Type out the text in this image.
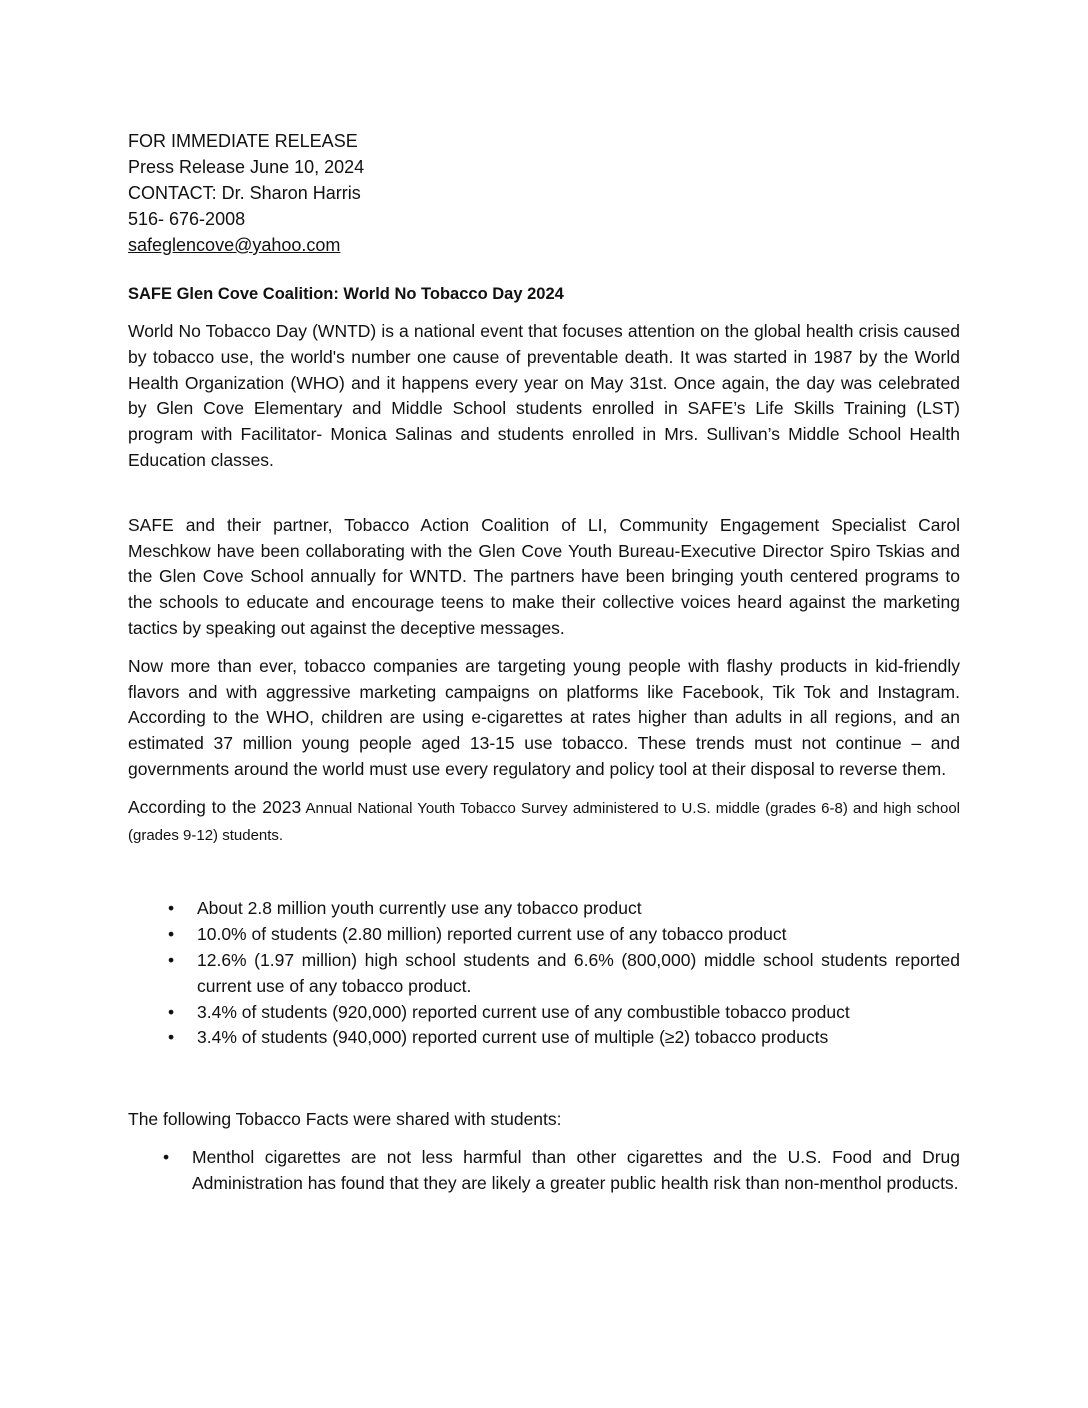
FOR IMMEDIATE RELEASE
Press Release June 10, 2024
CONTACT: Dr. Sharon Harris
516- 676-2008
safeglencove@yahoo.com
SAFE Glen Cove Coalition: World No Tobacco Day 2024

World No Tobacco Day (WNTD) is a national event that focuses attention on the global health crisis caused by tobacco use, the world's number one cause of preventable death. It was started in 1987 by the World Health Organization (WHO) and it happens every year on May 31st. Once again, the day was celebrated by Glen Cove Elementary and Middle School students enrolled in SAFE’s Life Skills Training (LST) program with Facilitator- Monica Salinas and students enrolled in Mrs. Sullivan’s Middle School Health Education classes.

SAFE and their partner, Tobacco Action Coalition of LI, Community Engagement Specialist Carol Meschkow have been collaborating with the Glen Cove Youth Bureau-Executive Director Spiro Tskias and the Glen Cove School annually for WNTD. The partners have been bringing youth centered programs to the schools to educate and encourage teens to make their collective voices heard against the marketing tactics by speaking out against the deceptive messages.

Now more than ever, tobacco companies are targeting young people with flashy products in kid-friendly flavors and with aggressive marketing campaigns on platforms like Facebook, Tik Tok and Instagram. According to the WHO, children are using e-cigarettes at rates higher than adults in all regions, and an estimated 37 million young people aged 13-15 use tobacco. These trends must not continue – and governments around the world must use every regulatory and policy tool at their disposal to reverse them.

According to the 2023 Annual National Youth Tobacco Survey administered to U.S. middle (grades 6-8) and high school (grades 9-12) students.

• About 2.8 million youth currently use any tobacco product
• 10.0% of students (2.80 million) reported current use of any tobacco product
• 12.6% (1.97 million) high school students and 6.6% (800,000) middle school students reported current use of any tobacco product.
• 3.4% of students (920,000) reported current use of any combustible tobacco product
• 3.4% of students (940,000) reported current use of multiple (≥2) tobacco products

The following Tobacco Facts were shared with students:

• Menthol cigarettes are not less harmful than other cigarettes and the U.S. Food and Drug Administration has found that they are likely a greater public health risk than non-menthol products.
